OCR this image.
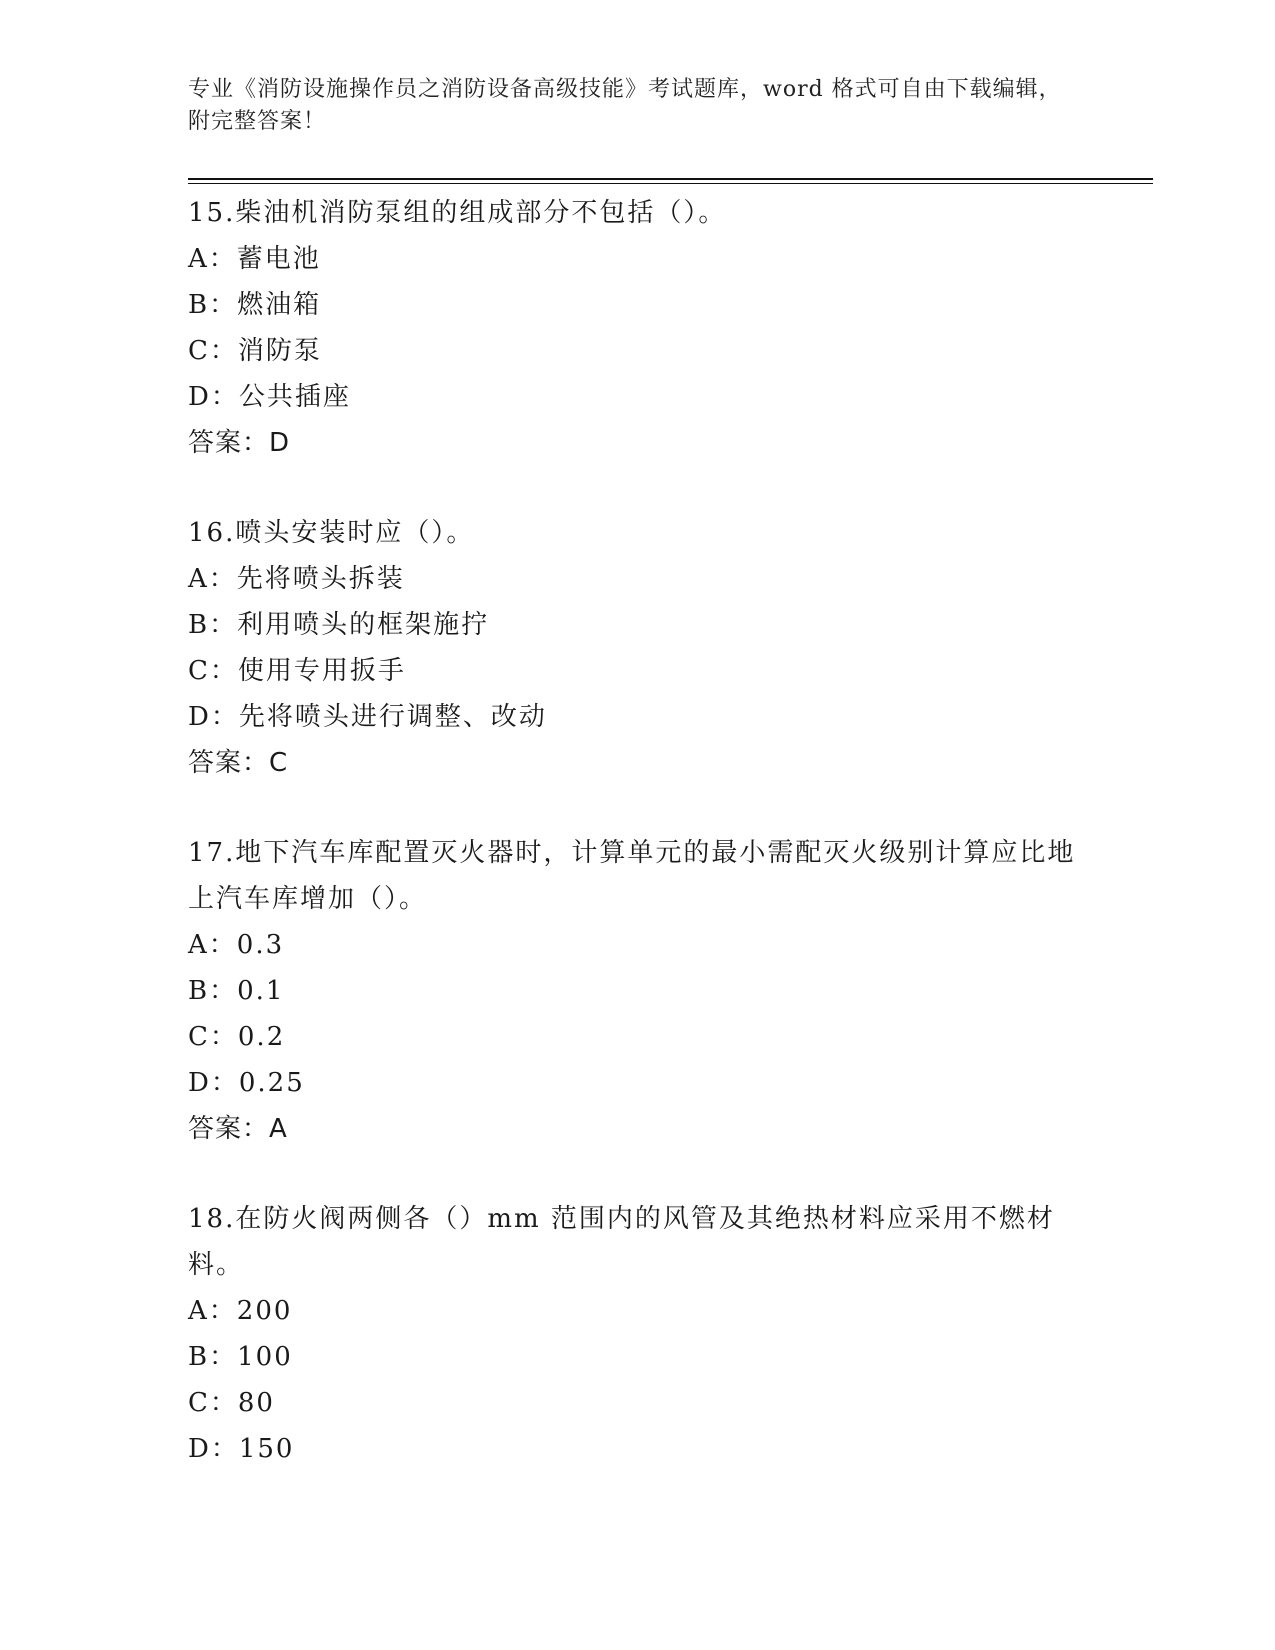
专业《消防设施操作员之消防设备高级技能》考试题库，word 格式可自由下载编辑，附完整答案！
15.柴油机消防泵组的组成部分不包括（）。
A：蓄电池
B：燃油箱
C：消防泵
D：公共插座
答案：D
16.喷头安装时应（）。
A：先将喷头拆装
B：利用喷头的框架施拧
C：使用专用扳手
D：先将喷头进行调整、改动
答案：C
17.地下汽车库配置灭火器时，计算单元的最小需配灭火级别计算应比地上汽车库增加（）。
A：0.3
B：0.1
C：0.2
D：0.25
答案：A
18.在防火阀两侧各（）mm 范围内的风管及其绝热材料应采用不燃材料。
A：200
B：100
C：80
D：150
